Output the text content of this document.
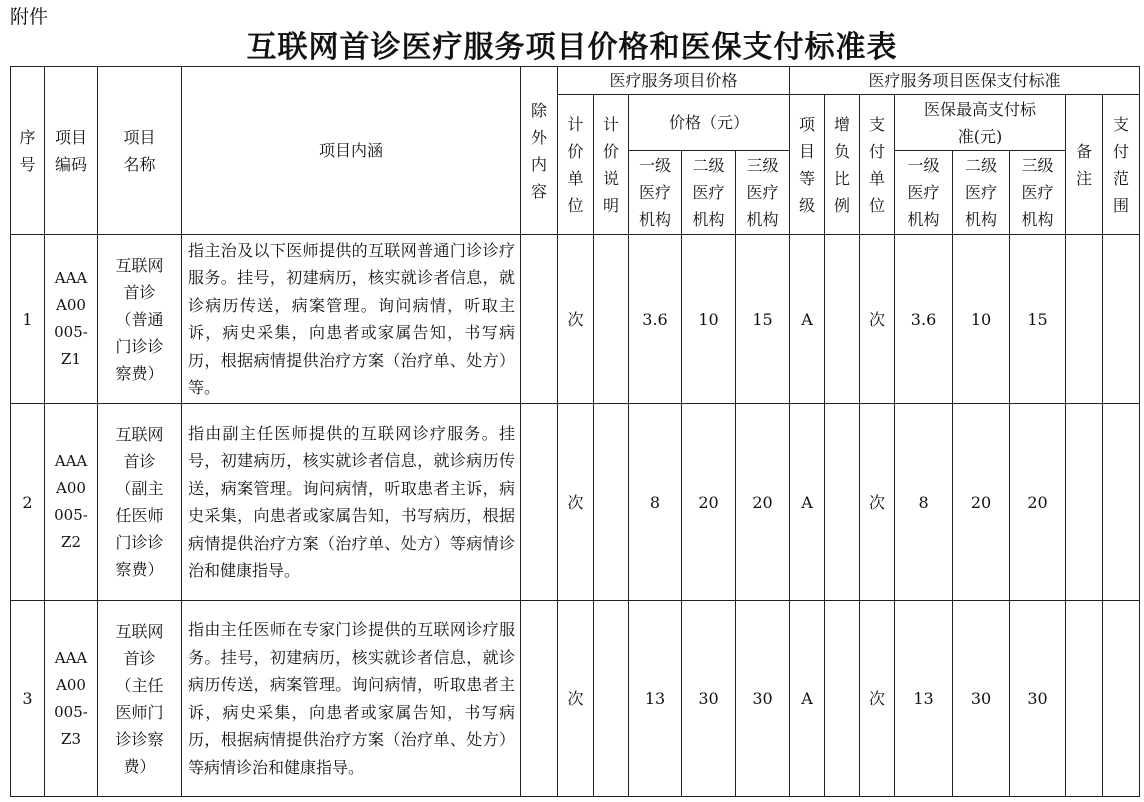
附件
互联网首诊医疗服务项目价格和医保支付标准表
序号	项目编码	项目名称	项目内涵	除外内容	医疗服务项目价格					医疗服务项目医保支付标准							
					计价单位	计价说明	价格（元）			项目等级	增负比例	支付单位	医保最高支付标准(元)			备注	支付范围

							一级医疗机构	二级医疗机构	三级医疗机构				一级医疗机构	二级医疗机构	三级医疗机构		
1	AAAA00005-Z1	互联网首诊（普通门诊诊察费）	指主治及以下医师提供的互联网普通门诊诊疗服务。挂号，初建病历，核实就诊者信息，就诊病历传送，病案管理。询问病情，听取主诉，病史采集，向患者或家属告知，书写病历，根据病情提供治疗方案（治疗单、处方）等。		次		3.6	10	15	A		次	3.6	10	15		
2	AAAA00005-Z2	互联网首诊（副主任医师门诊诊察费）	指由副主任医师提供的互联网诊疗服务。挂号，初建病历，核实就诊者信息，就诊病历传送，病案管理。询问病情，听取患者主诉，病史采集，向患者或家属告知，书写病历，根据病情提供治疗方案（治疗单、处方）等病情诊治和健康指导。		次		8	20	20	A		次	8	20	20		
3	AAAA00005-Z3	互联网首诊（主任医师门诊诊察费）	指由主任医师在专家门诊提供的互联网诊疗服务。挂号，初建病历，核实就诊者信息，就诊病历传送，病案管理。询问病情，听取患者主诉，病史采集，向患者或家属告知，书写病历，根据病情提供治疗方案（治疗单、处方）等病情诊治和健康指导。		次		13	30	30	A		次	13	30	30		
